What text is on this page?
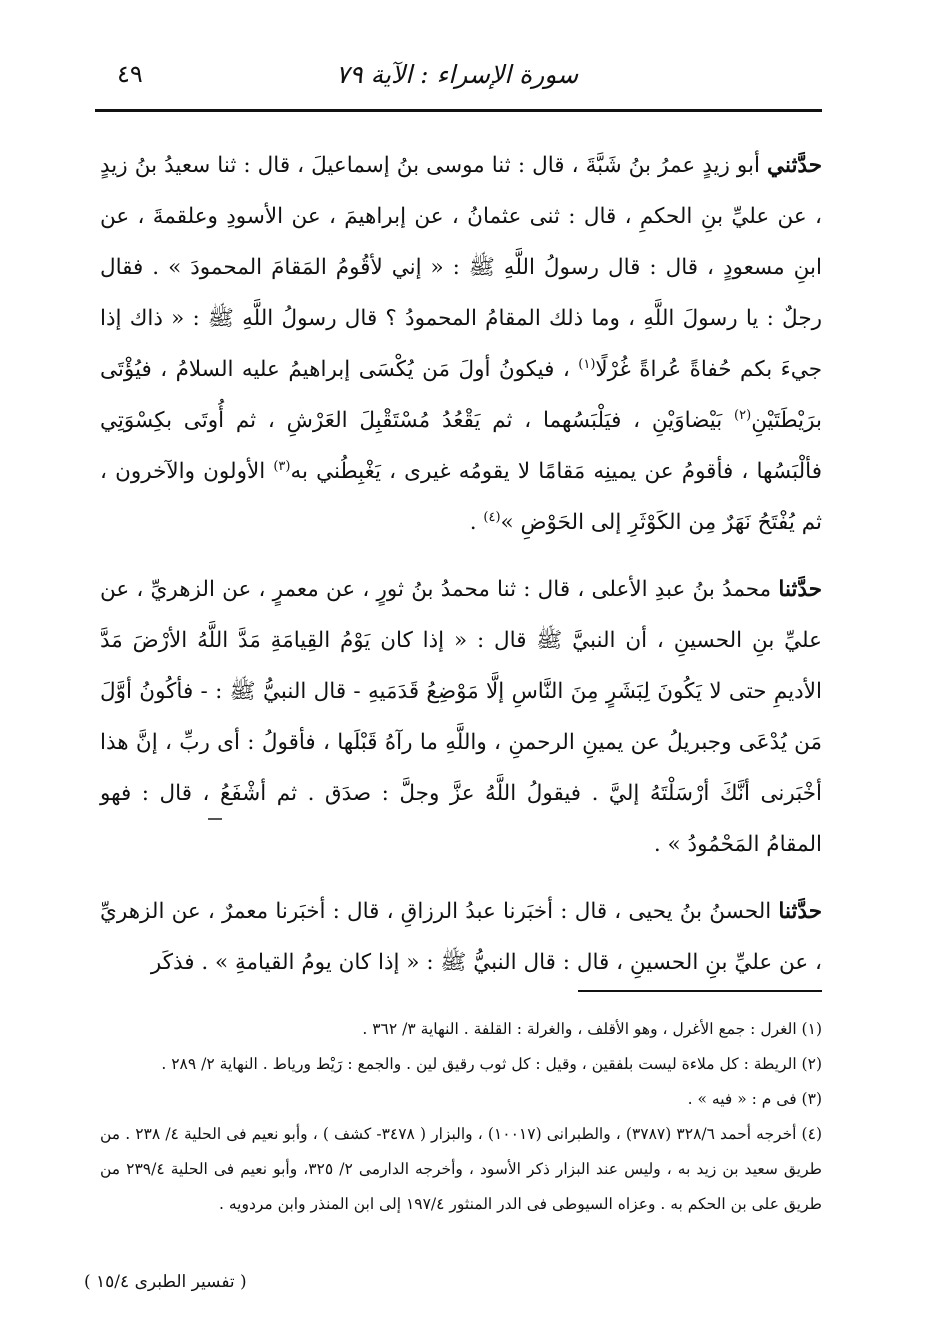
سورة الإسراء : الآية ٧٩
٤٩

حدَّثني أبو زيدٍ عمرُ بنُ شَبَّةَ ، قال : ثنا موسى بنُ إسماعيلَ ، قال : ثنا سعيدُ بنُ زيدٍ ، عن عليِّ بنِ الحكمِ ، قال : ثنى عثمانُ ، عن إبراهيمَ ، عن الأسودِ وعلقمةَ ، عن ابنِ مسعودٍ ، قال : قال رسولُ اللَّهِ ﷺ : « إني لأقُومُ المَقامَ المحمودَ » . فقال رجلٌ : يا رسولَ اللَّهِ ، وما ذلك المقامُ المحمودُ ؟ قال رسولُ اللَّهِ ﷺ : « ذاك إذا جيءَ بكم حُفاةً عُراةً غُرْلًا$^{(١)}$ ، فيكونُ أولَ مَن يُكْسَى إبراهيمُ عليه السلامُ ، فيُؤْتَى برَيْطَتَيْنِ$^{(٢)}$ بَيْضاوَيْنِ ، فيَلْبَسُهما ، ثم يَقْعُدُ مُسْتَقْبِلَ العَرْشِ ، ثم أُوتَى بكِسْوَتِي فألْبَسُها ، فأقومُ عن يمينِه مَقامًا لا يقومُه غيرى ، يَغْبِطُني به$^{(٣)}$ الأولون والآخرون ، ثم يُفْتَحُ نَهَرٌ مِن الكَوْثَرِ إلى الحَوْضِ »$^{(٤)}$ .

حدَّثنا محمدُ بنُ عبدِ الأعلى ، قال : ثنا محمدُ بنُ ثورٍ ، عن معمرٍ ، عن الزهريِّ ، عن عليِّ بنِ الحسينِ ، أن النبيَّ ﷺ قال : « إذا كان يَوْمُ القِيامَةِ مَدَّ اللَّهُ الأرْضَ مَدَّ الأديمِ حتى لا يَكُونَ لِبَشَرٍ مِنَ النَّاسِ إلَّا مَوْضِعُ قَدَمَيهِ - قال النبيُّ ﷺ : - فأكُونُ أوَّلَ مَن يُدْعَى وجبريلُ عن يمينِ الرحمنِ ، واللَّهِ ما رآهُ قَبْلَها ، فأقولُ : أى ربِّ ، إنَّ هذا أخْبَرنى أنَّكَ أرْسَلْتَهُ إليَّ . فيقولُ اللَّهُ عزَّ وجلَّ : صدَق . ثم أشْفَعُ ، قال : فهو المقامُ المَحْمُودُ » .

حدَّثنا الحسنُ بنُ يحيى ، قال : أخبَرنا عبدُ الرزاقِ ، قال : أخبَرنا معمرٌ ، عن الزهريِّ ، عن عليِّ بنِ الحسينِ ، قال : قال النبيُّ ﷺ : « إذا كان يومُ القيامةِ » . فذكَر

(١) الغرل : جمع الأغرل ، وهو الأقلف ، والغرلة : القلفة . النهاية ٣/ ٣٦٢ .

(٢) الريطة : كل ملاءة ليست بلفقين ، وقيل : كل ثوب رقيق لين . والجمع : رَيْط ورياط . النهاية ٢/ ٢٨٩ .

(٣) فى م : « فيه » .

(٤) أخرجه أحمد ٣٢٨/٦ (٣٧٨٧) ، والطبرانى (١٠٠١٧) ، والبزار ( ٣٤٧٨- كشف ) ، وأبو نعيم فى الحلية ٤/ ٢٣٨ . من طريق سعيد بن زيد به ، وليس عند البزار ذكر الأسود ، وأخرجه الدارمى ٢/ ٣٢٥، وأبو نعيم فى الحلية ٢٣٩/٤ من طريق على بن الحكم به . وعزاه السيوطى فى الدر المنثور ١٩٧/٤ إلى ابن المنذر وابن مردويه .

( تفسير الطبرى ١٥/٤ )
